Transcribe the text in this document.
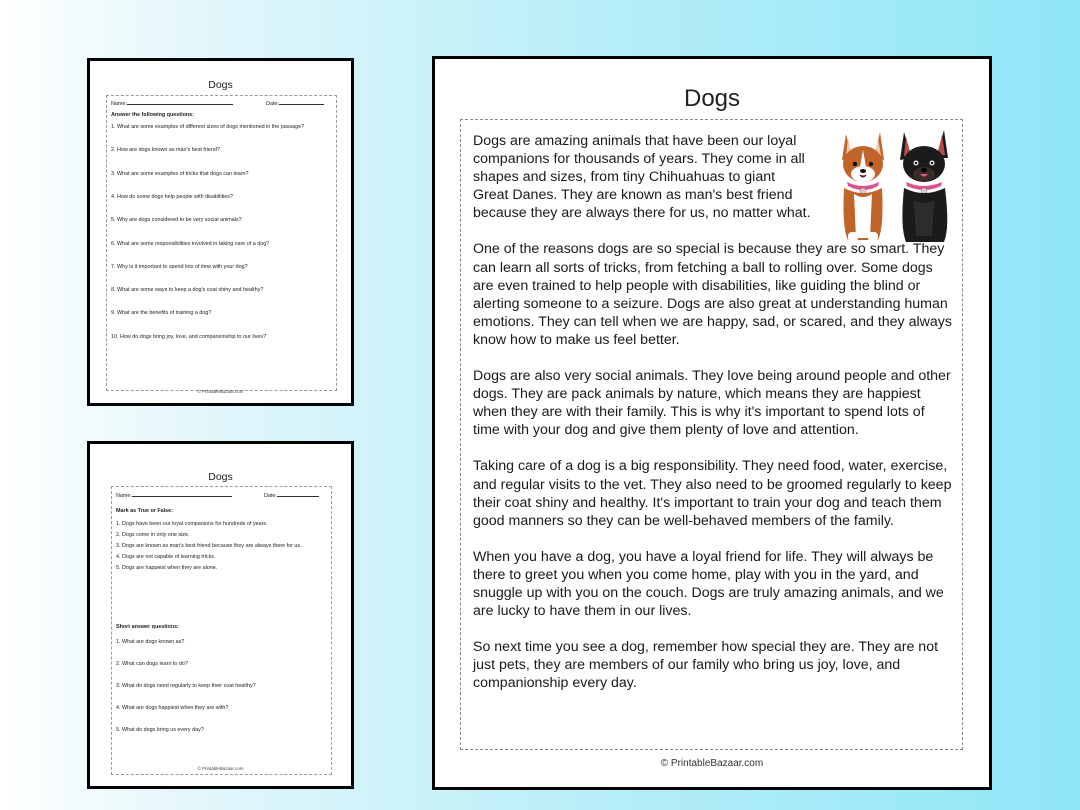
Dogs
Name:	Date:
Answer the following questions:
1. What are some examples of different sizes of dogs mentioned in the passage?
2. How are dogs known as man's best friend?
3. What are some examples of tricks that dogs can learn?
4. How do some dogs help people with disabilities?
5. Why are dogs considered to be very social animals?
6. What are some responsibilities involved in taking care of a dog?
7. Why is it important to spend lots of time with your dog?
8. What are some ways to keep a dog's coat shiny and healthy?
9. What are the benefits of training a dog?
10. How do dogs bring joy, love, and companionship to our lives?
© PrintableBazaar.com
Dogs
Name:	Date:
Mark as True or False:
1. Dogs have been our loyal companions for hundreds of years.
2. Dogs come in only one size.
3. Dogs are known as man's best friend because they are always there for us.
4. Dogs are not capable of learning tricks.
5. Dogs are happiest when they are alone.
Short answer questions:
1. What are dogs known as?
2. What can dogs learn to do?
3. What do dogs need regularly to keep their coat healthy?
4. What are dogs happiest when they are with?
5. What do dogs bring us every day?
© PrintableBazaar.com
Dogs

Dogs are amazing animals that have been our loyal companions for thousands of years. They come in all shapes and sizes, from tiny Chihuahuas to giant Great Danes. They are known as man's best friend because they are always there for us, no matter what.

One of the reasons dogs are so special is because they are so smart. They can learn all sorts of tricks, from fetching a ball to rolling over. Some dogs are even trained to help people with disabilities, like guiding the blind or alerting someone to a seizure. Dogs are also great at understanding human emotions. They can tell when we are happy, sad, or scared, and they always know how to make us feel better.

Dogs are also very social animals. They love being around people and other dogs. They are pack animals by nature, which means they are happiest when they are with their family. This is why it's important to spend lots of time with your dog and give them plenty of love and attention.

Taking care of a dog is a big responsibility. They need food, water, exercise, and regular visits to the vet. They also need to be groomed regularly to keep their coat shiny and healthy. It's important to train your dog and teach them good manners so they can be well-behaved members of the family.

When you have a dog, you have a loyal friend for life. They will always be there to greet you when you come home, play with you in the yard, and snuggle up with you on the couch. Dogs are truly amazing animals, and we are lucky to have them in our lives.

So next time you see a dog, remember how special they are. They are not just pets, they are members of our family who bring us joy, love, and companionship every day.

© PrintableBazaar.com
